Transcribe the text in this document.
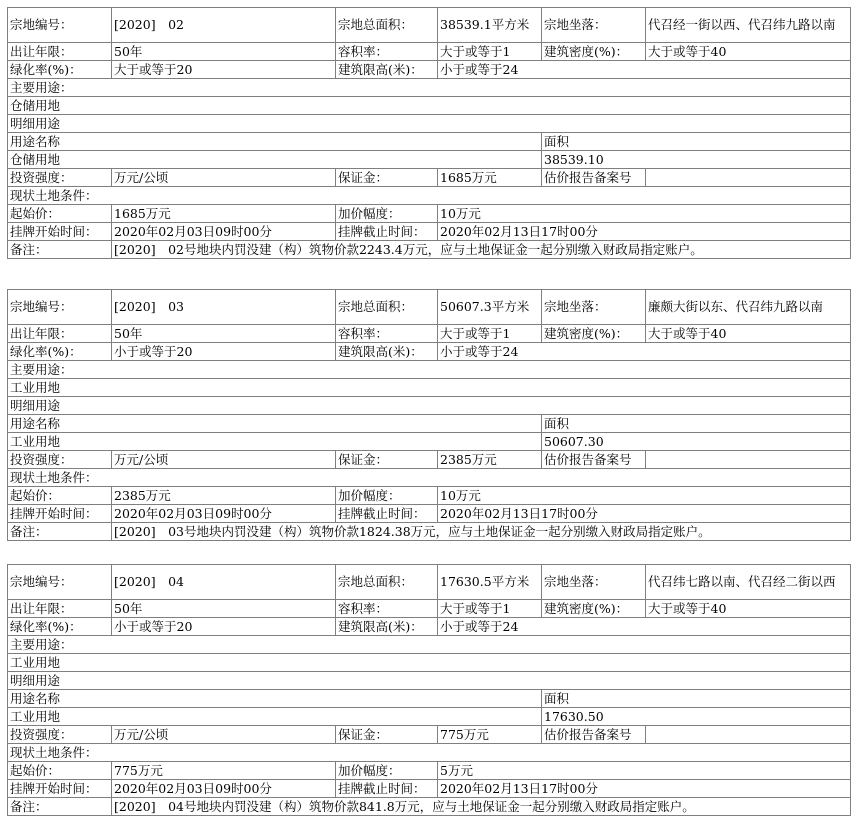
宗地编号：	[2020]　02	宗地总面积：	38539.1平方米	宗地坐落：	代召经一街以西、代召纬九路以南
出让年限：	50年	容积率：	大于或等于1	建筑密度(%)：	大于或等于40
绿化率(%)：	大于或等于20	建筑限高(米)：	小于或等于24		
主要用途：					
仓储用地					
明细用途					
用途名称				面积	
仓储用地				38539.10	
投资强度：	万元/公顷	保证金：	1685万元	估价报告备案号	
现状土地条件：					
起始价：	1685万元	加价幅度：	10万元		
挂牌开始时间：	2020年02月03日09时00分	挂牌截止时间：	2020年02月13日17时00分		
备注：	[2020]　02号地块内罚没建（构）筑物价款2243.4万元，应与土地保证金一起分别缴入财政局指定账户。				
宗地编号：	[2020]　03	宗地总面积：	50607.3平方米	宗地坐落：	廉颇大街以东、代召纬九路以南
出让年限：	50年	容积率：	大于或等于1	建筑密度(%)：	大于或等于40
绿化率(%)：	小于或等于20	建筑限高(米)：	小于或等于24		
主要用途：					
工业用地					
明细用途					
用途名称				面积	
工业用地				50607.30	
投资强度：	万元/公顷	保证金：	2385万元	估价报告备案号	
现状土地条件：					
起始价：	2385万元	加价幅度：	10万元		
挂牌开始时间：	2020年02月03日09时00分	挂牌截止时间：	2020年02月13日17时00分		
备注：	[2020]　03号地块内罚没建（构）筑物价款1824.38万元，应与土地保证金一起分别缴入财政局指定账户。				
宗地编号：	[2020]　04	宗地总面积：	17630.5平方米	宗地坐落：	代召纬七路以南、代召经二街以西
出让年限：	50年	容积率：	大于或等于1	建筑密度(%)：	大于或等于40
绿化率(%)：	小于或等于20	建筑限高(米)：	小于或等于24		
主要用途：					
工业用地					
明细用途					
用途名称				面积	
工业用地				17630.50	
投资强度：	万元/公顷	保证金：	775万元	估价报告备案号	
现状土地条件：					
起始价：	775万元	加价幅度：	5万元		
挂牌开始时间：	2020年02月03日09时00分	挂牌截止时间：	2020年02月13日17时00分		
备注：	[2020]　04号地块内罚没建（构）筑物价款841.8万元，应与土地保证金一起分别缴入财政局指定账户。				
